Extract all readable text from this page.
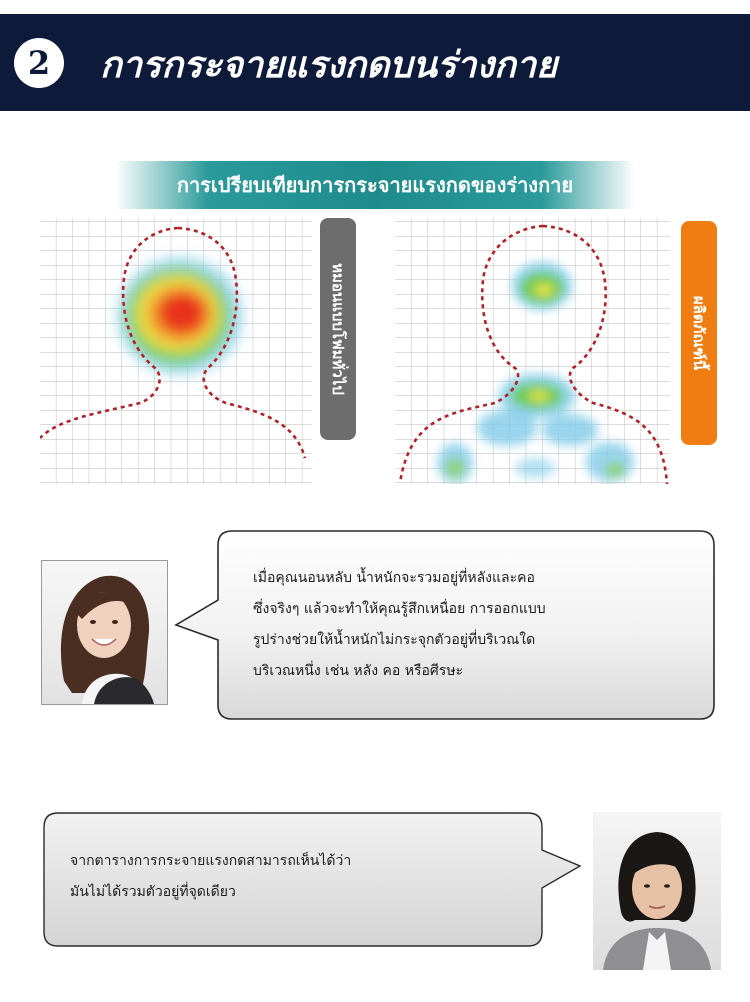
2	การกระจายแรงกดบนร่างกาย
การเปรียบเทียบการกระจายแรงกดของร่างกาย
หมอนแบบโฟมทั่วไป	ผลิตภัณฑ์นี้
เมื่อคุณนอนหลับ น้ำหนักจะรวมอยู่ที่หลังและคอ
ซึ่งจริงๆ แล้วจะทำให้คุณรู้สึกเหนื่อย การออกแบบ
รูปร่างช่วยให้น้ำหนักไม่กระจุกตัวอยู่ที่บริเวณใด
บริเวณหนึ่ง เช่น หลัง คอ หรือศีรษะ
จากตารางการกระจายแรงกดสามารถเห็นได้ว่า
มันไม่ได้รวมตัวอยู่ที่จุดเดียว
